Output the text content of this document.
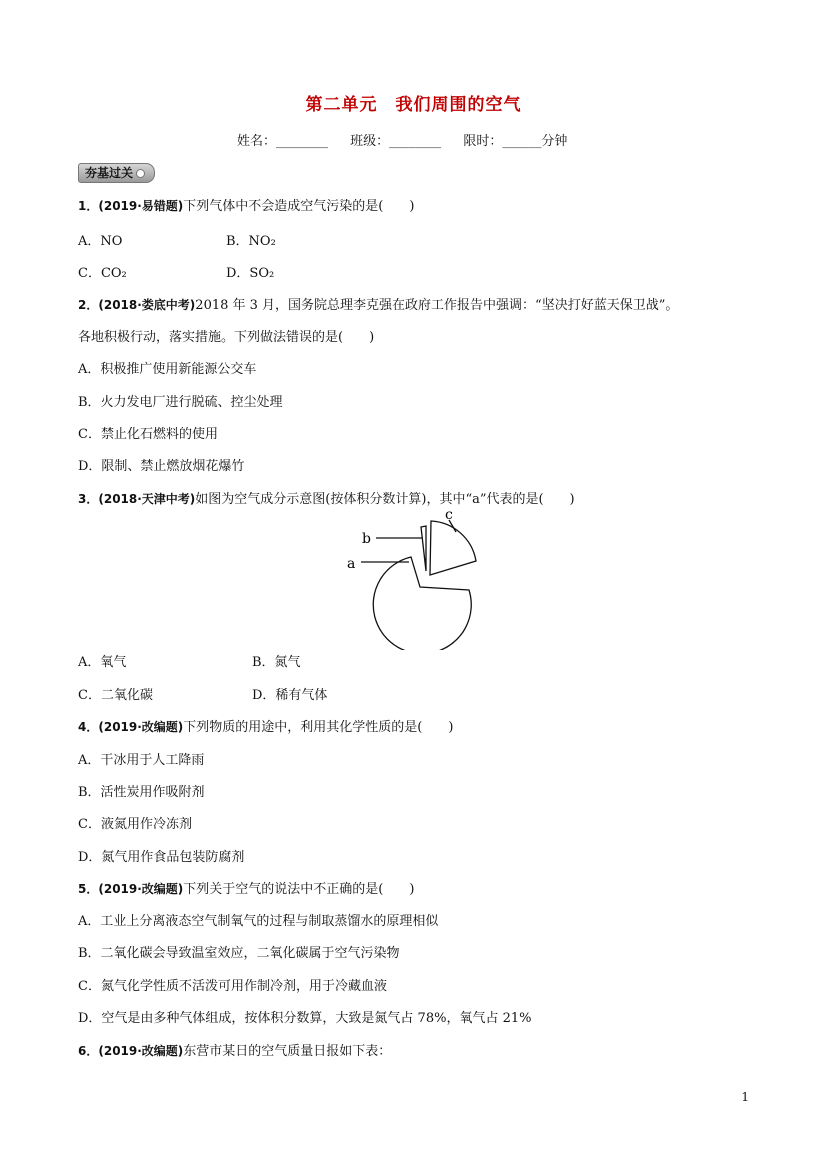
第二单元　我们周围的空气
姓名：________ 班级：________ 限时：______分钟
夯基过关
1．(2019·易错题)下列气体中不会造成空气污染的是(　　)
A．NO	B．NO₂
C．CO₂	D．SO₂
2．(2018·娄底中考)2018 年 3 月，国务院总理李克强在政府工作报告中强调：“坚决打好蓝天保卫战”。
各地积极行动，落实措施。下列做法错误的是(　　)
A．积极推广使用新能源公交车
B．火力发电厂进行脱硫、控尘处理
C．禁止化石燃料的使用
D．限制、禁止燃放烟花爆竹
3．(2018·天津中考)如图为空气成分示意图(按体积分数计算)，其中“a”代表的是(　　)
a
b
c
A．氧气	B．氮气
C．二氧化碳	D．稀有气体
4．(2019·改编题)下列物质的用途中，利用其化学性质的是(　　)
A．干冰用于人工降雨
B．活性炭用作吸附剂
C．液氮用作冷冻剂
D．氮气用作食品包装防腐剂
5．(2019·改编题)下列关于空气的说法中不正确的是(　　)
A．工业上分离液态空气制氧气的过程与制取蒸馏水的原理相似
B．二氧化碳会导致温室效应，二氧化碳属于空气污染物
C．氮气化学性质不活泼可用作制冷剂，用于冷藏血液
D．空气是由多种气体组成，按体积分数算，大致是氮气占 78%，氧气占 21%
6．(2019·改编题)东营市某日的空气质量日报如下表：
1
